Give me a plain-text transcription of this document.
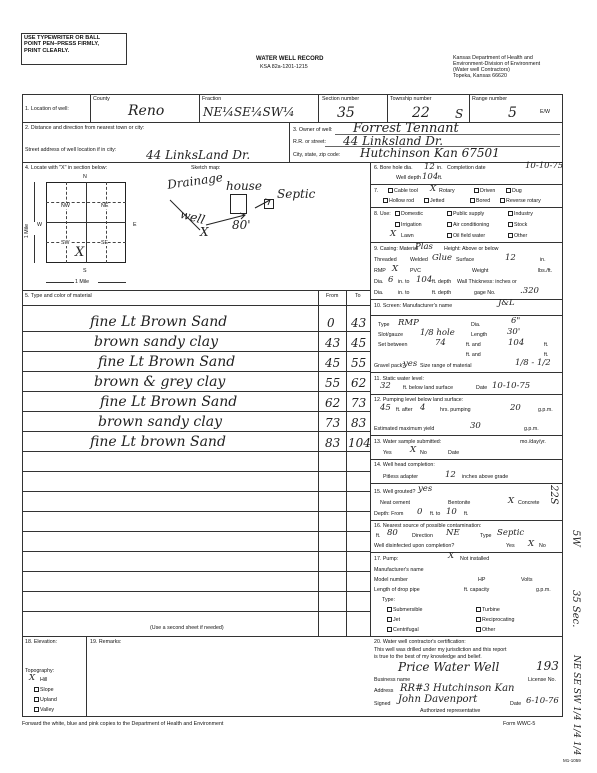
USE TYPEWRITER OR BALL
POINT PEN–PRESS FIRMLY,
PRINT CLEARLY.
WATER WELL RECORD
KSA 82a-1201-1215
Kansas Department of Health and
Environment-Division of Environment
(Water well Contractors)
Topeka, Kansas 66620
1. Location of well:
County
Reno
Fraction
NE¼SE¼SW¼
Section number
35
Township number
22 S
Range number
5	E/W
2. Distance and direction from nearest town or city:
Street address of well location if in city: 44 LinksLand Dr.
3. Owner of well: Forrest Tennant
R.R. or street: 44 Linksland Dr.
City, state, zip code: Hutchinson Kan 67501
4. Locate with "X" in section below:	Sketch map:
N
S
W	E
NW	NE
SW	SE
X
1 Mile
1 Mile
Drainage house
Septic
well
X 80'
5. Type and color of material	From	To
fine Lt Brown Sand	0 43
brown sandy clay	43 45
fine Lt Brown Sand	45 55
brown & grey clay	55 62
fine Lt Brown Sand	62 73
brown sandy clay	73 83
fine Lt brown Sand	83 104
(Use a second sheet if needed)
6. Bore hole dia. 12 in. Completion date	10-10-75
Well depth 104 ft.
7.	Cable tool X Rotary	Driven	Dug
Hollow rod	Jetted	Bored	Reverse rotary
8. Use:	Domestic	Public supply	Industry
Irrigation	Air conditioning	Stock
X Lawn	Oil field water	Other
9. Casing: Material
Plas Height: Above or below
Threaded	Welded Glue Surface	12	in.
RMP X PVC	Weight	lbs./ft.
Dia. 6 in. to 104 ft. depth Wall Thickness: inches or
Dia.	in. to	ft. depth	gage No.	.320
10. Screen: Manufacturer's name	J&L
Type RMP	Dia.	6"
Slot/gauze 1/8 hole	Length 30'
Set between	74	ft. and	104	ft.
ft. and	ft.
Gravel pack?
yes Size range of material	1/8 - 1/2
11. Static water level:
32 ft. below land surface	Date 10-10-75
12. Pumping level below land surface:
45 ft. after 4	hrs. pumping	20	g.p.m.
Estimated maximum yield	30	g.p.m.
13. Water sample submitted:	mo./day/yr.
Yes X No	Date
14. Well head completion:
Pitless adapter	12 inches above grade
15. Well grouted? yes
Neat cement	Bentonite	X Concrete
Depth: From 0 ft. to 10 ft.
16. Nearest source of possible contamination:
80
ft.	Direction NE	Type Septic
Well disinfected upon completion?	Yes X No
17. Pump:	X Not installed
Manufacturer's name
Model number	HP	Volts
Length of drop pipe	ft. capacity	g.p.m.
Type:
Submersible	Turbine
Jet	Reciprocating
Centrifugal	Other
18. Elevation:
Topography:
X Hill
Slope
Upland
Valley
19. Remarks:	20. Water well contractor's certification:
This well was drilled under my jurisdiction and this report
is true to the best of my knowledge and belief.
Price Water Well	193
Business name	License No.
Address RR#3 Hutchinson Kan
Signed John Davenport	Date 6-10-76
Authorized representative
Forward the white, blue and pink copies to the Department of Health and Environment	Form WWC-5
M1-1059
22S
5W
35 Sec.
NE SE SW 1/4 1/4 1/4
